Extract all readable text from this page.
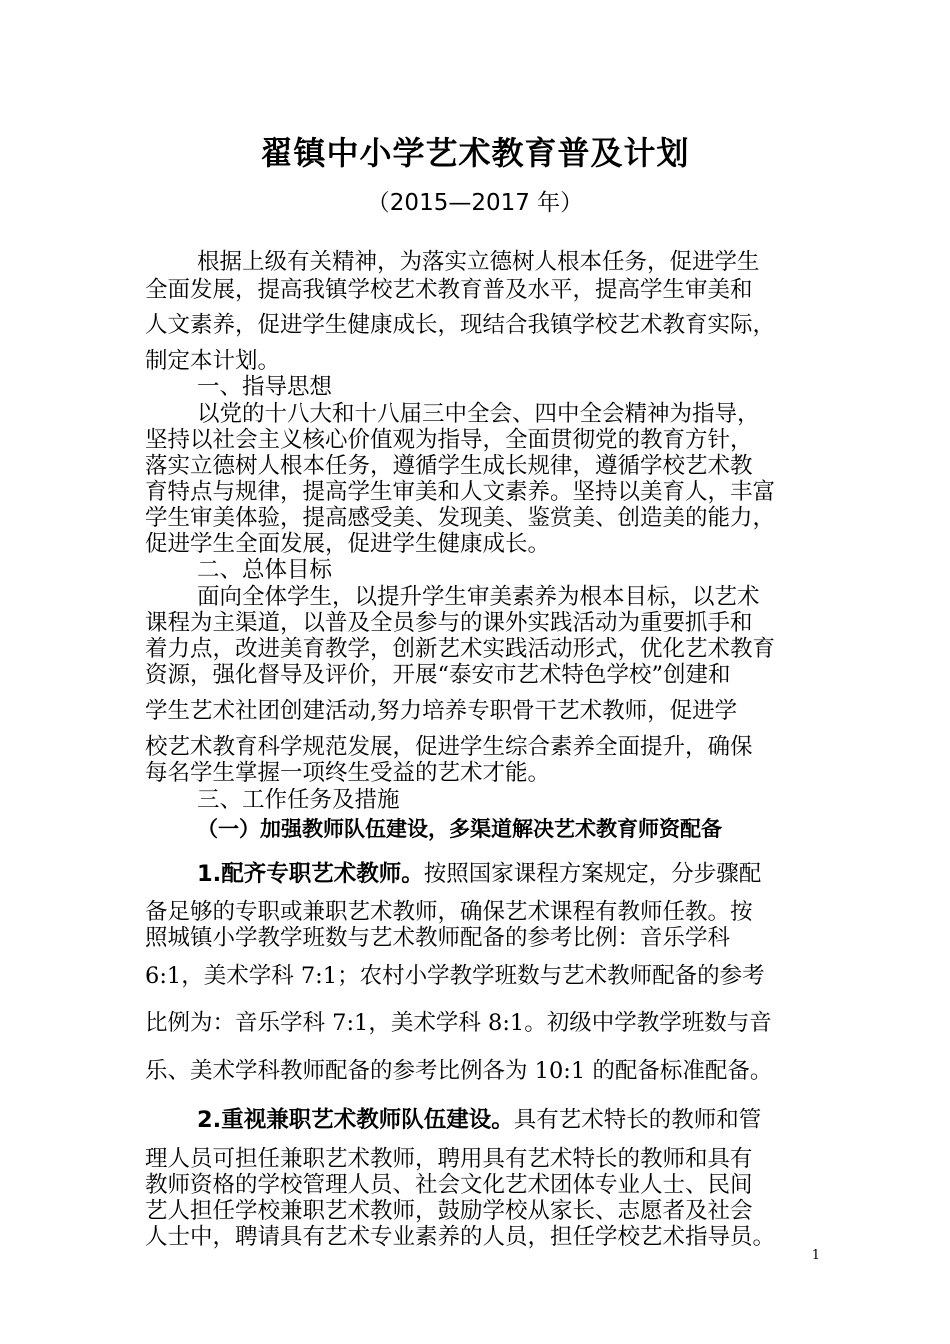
翟镇中小学艺术教育普及计划
（2015—2017 年）
根据上级有关精神，为落实立德树人根本任务，促进学生
全面发展，提高我镇学校艺术教育普及水平，提高学生审美和
人文素养，促进学生健康成长，现结合我镇学校艺术教育实际，
制定本计划。
一、指导思想
以党的十八大和十八届三中全会、四中全会精神为指导，
坚持以社会主义核心价值观为指导，全面贯彻党的教育方针，
落实立德树人根本任务，遵循学生成长规律，遵循学校艺术教
育特点与规律，提高学生审美和人文素养。坚持以美育人，丰富
学生审美体验，提高感受美、发现美、鉴赏美、创造美的能力，
促进学生全面发展，促进学生健康成长。
二、总体目标
面向全体学生，以提升学生审美素养为根本目标，以艺术
课程为主渠道，以普及全员参与的课外实践活动为重要抓手和
着力点，改进美育教学，创新艺术实践活动形式，优化艺术教育
资源，强化督导及评价，开展“泰安市艺术特色学校”创建和
学生艺术社团创建活动,努力培养专职骨干艺术教师，促进学
校艺术教育科学规范发展，促进学生综合素养全面提升，确保
每名学生掌握一项终生受益的艺术才能。
三、工作任务及措施
（一）加强教师队伍建设，多渠道解决艺术教育师资配备
1.配齐专职艺术教师。按照国家课程方案规定，分步骤配
备足够的专职或兼职艺术教师，确保艺术课程有教师任教。按
照城镇小学教学班数与艺术教师配备的参考比例：音乐学科
6:1，美术学科 7:1；农村小学教学班数与艺术教师配备的参考
比例为：音乐学科 7:1，美术学科 8:1。初级中学教学班数与音
乐、美术学科教师配备的参考比例各为 10:1 的配备标准配备。
2.重视兼职艺术教师队伍建设。具有艺术特长的教师和管
理人员可担任兼职艺术教师，聘用具有艺术特长的教师和具有
教师资格的学校管理人员、社会文化艺术团体专业人士、民间
艺人担任学校兼职艺术教师，鼓励学校从家长、志愿者及社会
人士中，聘请具有艺术专业素养的人员，担任学校艺术指导员。
1
